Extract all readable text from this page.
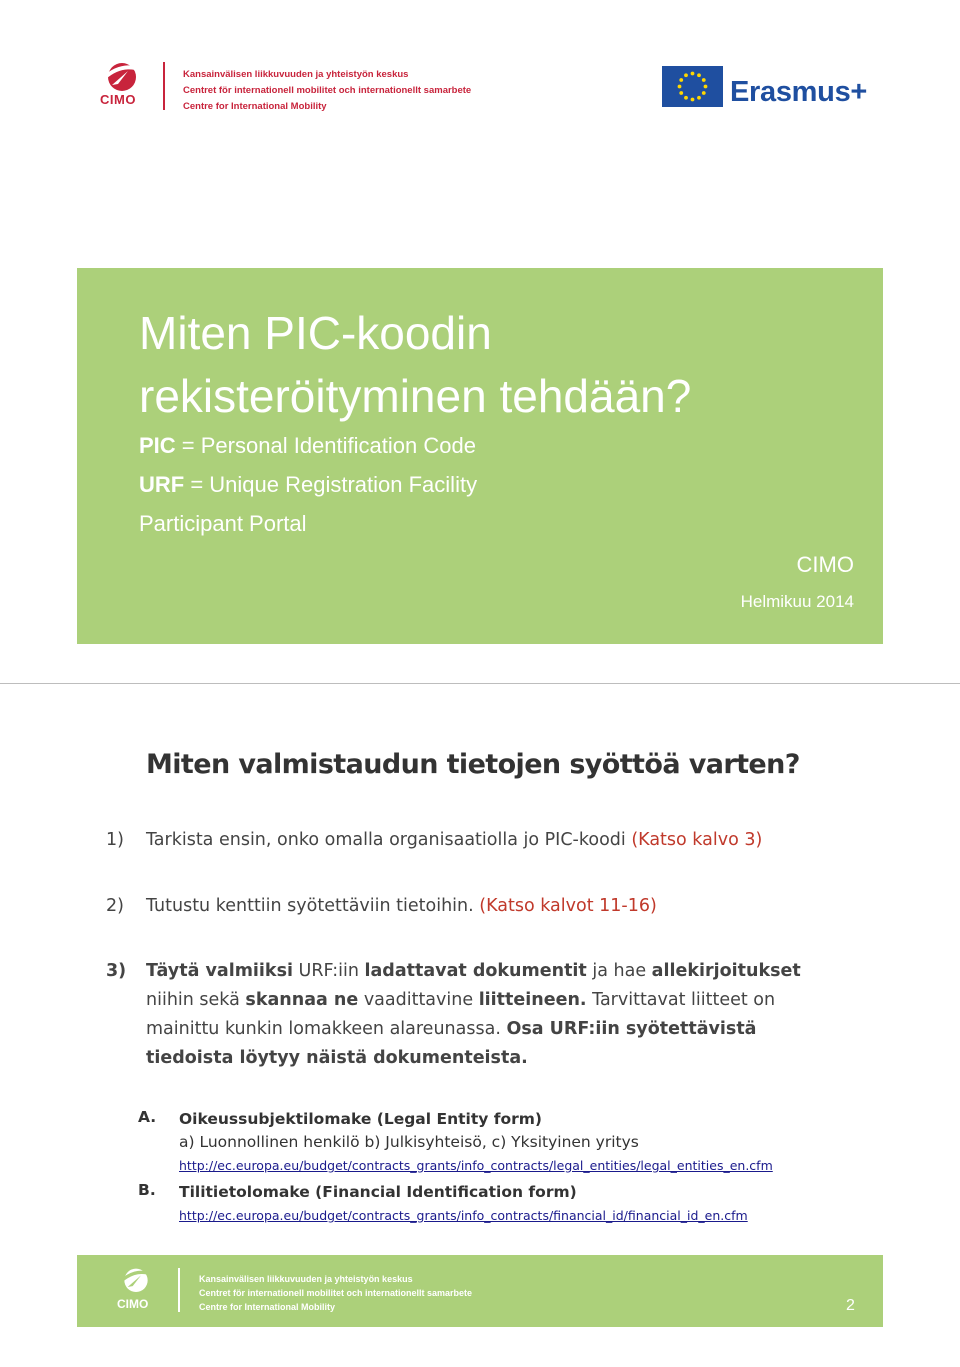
CIMO
Kansainvälisen liikkuvuuden ja yhteistyön keskus
Centret för internationell mobilitet och internationellt samarbete
Centre for International Mobility	Erasmus+
Miten PIC-koodin
rekisteröityminen tehdään?
PIC = Personal Identification Code
URF = Unique Registration Facility
Participant Portal
CIMO
Helmikuu 2014
Miten valmistaudun tietojen syöttöä varten?
1) Tarkista ensin, onko omalla organisaatiolla jo PIC-koodi (Katso kalvo 3)
2) Tutustu kenttiin syötettäviin tietoihin. (Katso kalvot 11-16)
3) Täytä valmiiksi URF:iin ladattavat dokumentit ja hae allekirjoitukset niihin sekä skannaa ne vaadittavine liitteineen. Tarvittavat liitteet on mainittu kunkin lomakkeen alareunassa. Osa URF:iin syötettävistä tiedoista löytyy näistä dokumenteista.
A. Oikeussubjektilomake (Legal Entity form)
a) Luonnollinen henkilö b) Julkisyhteisö, c) Yksityinen yritys
http://ec.europa.eu/budget/contracts_grants/info_contracts/legal_entities/legal_entities_en.cfm
B. Tilitietolomake (Financial Identification form)
http://ec.europa.eu/budget/contracts_grants/info_contracts/financial_id/financial_id_en.cfm
CIMO
Kansainvälisen liikkuvuuden ja yhteistyön keskus
Centret för internationell mobilitet och internationellt samarbete
Centre for International Mobility	2
